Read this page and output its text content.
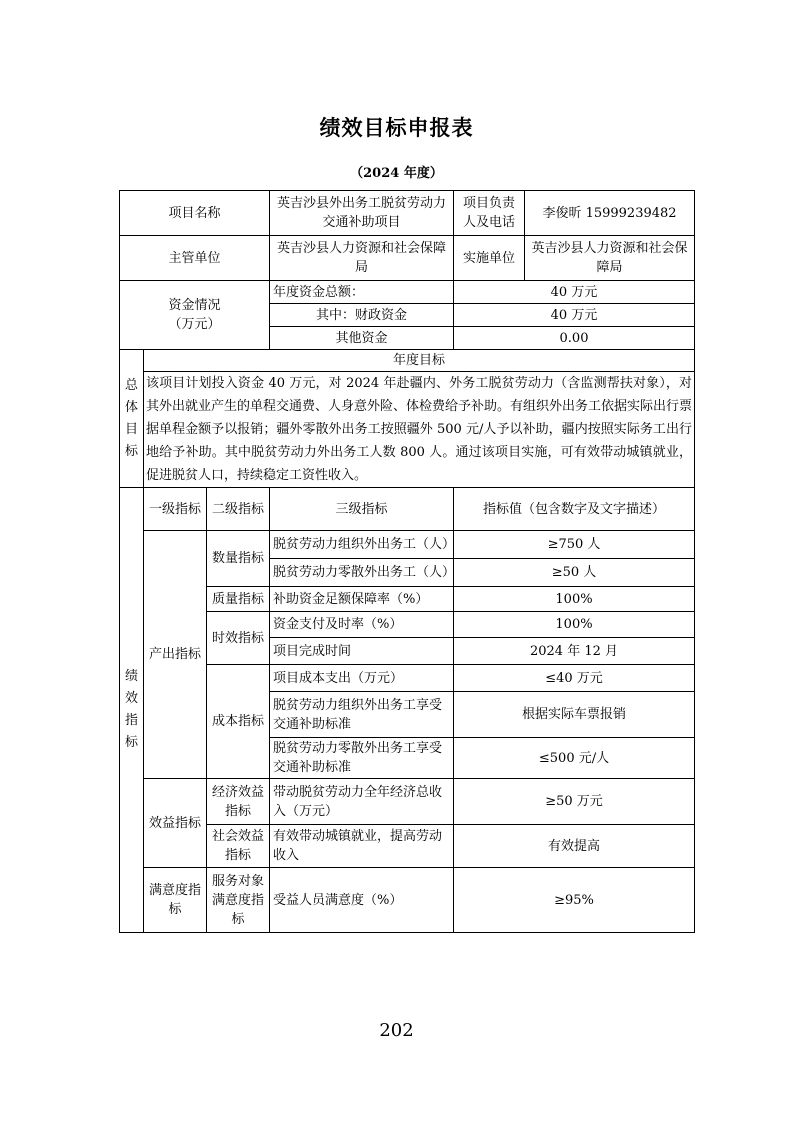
绩效目标申报表
（2024 年度）
项目名称			英吉沙县外出务工脱贫劳动力交通补助项目	项目负责人及电话	李俊昕 15999239482
主管单位			英吉沙县人力资源和社会保障局	实施单位	英吉沙县人力资源和社会保障局

资金情况
（万元）			年度资金总额：	40 万元	
			其中：财政资金	40 万元	
			其他资金	0.00	

总
体
目
标	年度目标				
	该项目计划投入资金 40 万元，对 2024 年赴疆内、外务工脱贫劳动力（含监测帮扶对象），对其外出就业产生的单程交通费、人身意外险、体检费给予补助。有组织外出务工依据实际出行票据单程金额予以报销；疆外零散外出务工按照疆外 500 元/人予以补助，疆内按照实际务工出行地给予补助。其中脱贫劳动力外出务工人数 800 人。通过该项目实施，可有效带动城镇就业，促进脱贫人口，持续稳定工资性收入。				

绩
效
指
标	一级指标	二级指标	三级指标	指标值（包含数字及文字描述）	
	产出指标	数量指标	脱贫劳动力组织外出务工（人）	≥750 人	
			脱贫劳动力零散外出务工（人）	≥50 人	
		质量指标	补助资金足额保障率（%）	100%	
		时效指标	资金支付及时率（%）	100%	
			项目完成时间	2024 年 12 月	
		成本指标	项目成本支出（万元）	≤40 万元	
			脱贫劳动力组织外出务工享受交通补助标准	根据实际车票报销	
			脱贫劳动力零散外出务工享受交通补助标准	≤500 元/人	
	效益指标	经济效益指标	带动脱贫劳动力全年经济总收入（万元）	≥50 万元	
		社会效益指标	有效带动城镇就业，提高劳动收入	有效提高	
	满意度指标	服务对象满意度指标	受益人员满意度（%）	≥95%	
202
